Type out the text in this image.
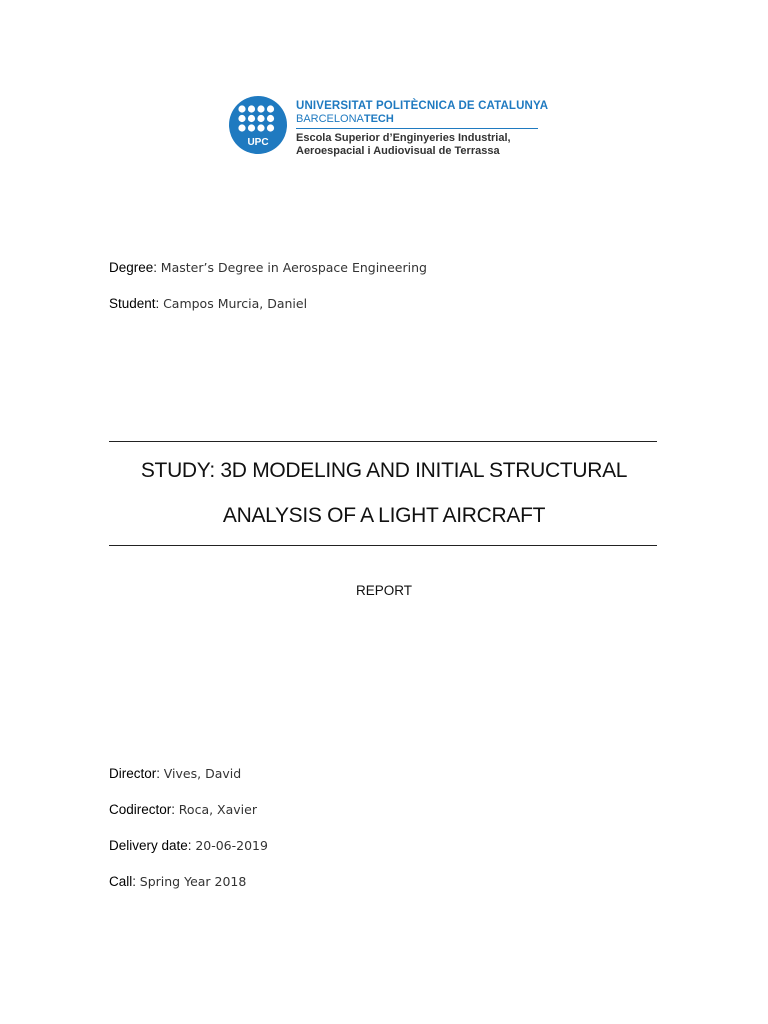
UPC
UNIVERSITAT POLITÈCNICA DE CATALUNYA
BARCELONATECH
Escola Superior d’Enginyeries Industrial,
Aeroespacial i Audiovisual de Terrassa
Degree: Master’s Degree in Aerospace Engineering
Student: Campos Murcia, Daniel
STUDY: 3D MODELING AND INITIAL STRUCTURAL
ANALYSIS OF A LIGHT AIRCRAFT
REPORT
Director: Vives, David
Codirector: Roca, Xavier
Delivery date: 20-06-2019
Call: Spring Year 2018
